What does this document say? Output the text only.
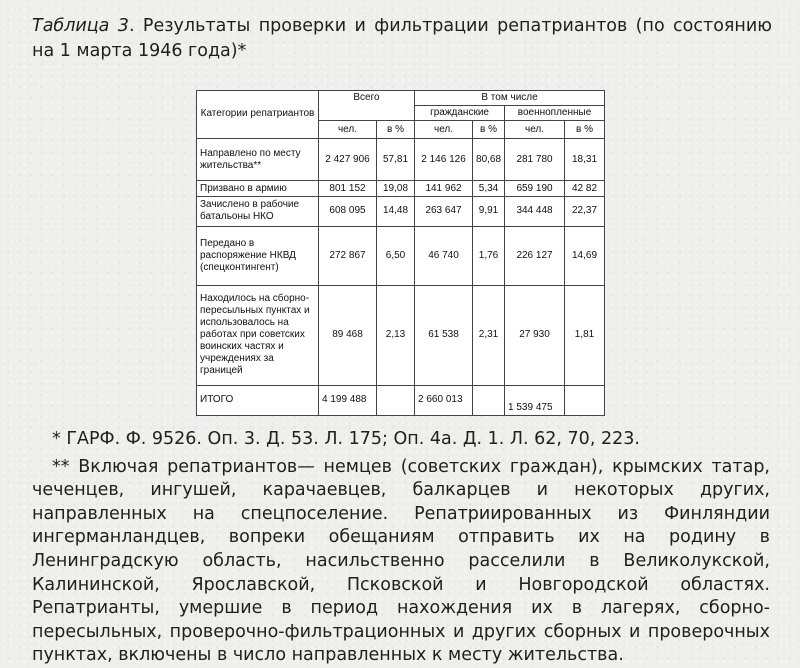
Таблица 3. Результаты проверки и фильтрации репатриантов (по состоянию на 1 марта 1946 года)*
Категории репатриантов	Всего		В том числе			
			гражданские		военнопленные	
	чел.	в %	чел.	в %	чел.	в %
Направлено по месту жительства**	2 427 906	57,81	2 146 126	80,68	281 780	18,31
Призвано в армию	801 152	19,08	141 962	5,34	659 190	42 82
Зачислено в рабочие батальоны НКО	608 095	14,48	263 647	9,91	344 448	22,37
Передано в распоряжение НКВД (спецконтингент)	272 867	6,50	46 740	1,76	226 127	14,69
Находилось на сборно-пересыльных пунктах и использовалось на работах при советских воинских частях и учреждениях за границей	89 468	2,13	61 538	2,31	27 930	1,81
ИТОГО	4 199 488		2 660 013		1 539 475	

* ГАРФ. Ф. 9526. Оп. 3. Д. 53. Л. 175; Оп. 4а. Д. 1. Л. 62, 70, 223.

** Включая репатриантов— немцев (советских граждан), крымских татар, чеченцев, ингушей, карачаевцев, балкарцев и некоторых других, направленных на спецпоселение. Репатриированных из Финляндии ингерманландцев, вопреки обещаниям отправить их на родину в Ленинградскую область, насильственно расселили в Великолукской, Калининской, Ярославской, Псковской и Новгородской областях. Репатрианты, умершие в период нахождения их в лагерях, сборно-пересыльных, проверочно-фильтрационных и других сборных и проверочных пунктах, включены в число направленных к месту жительства.
